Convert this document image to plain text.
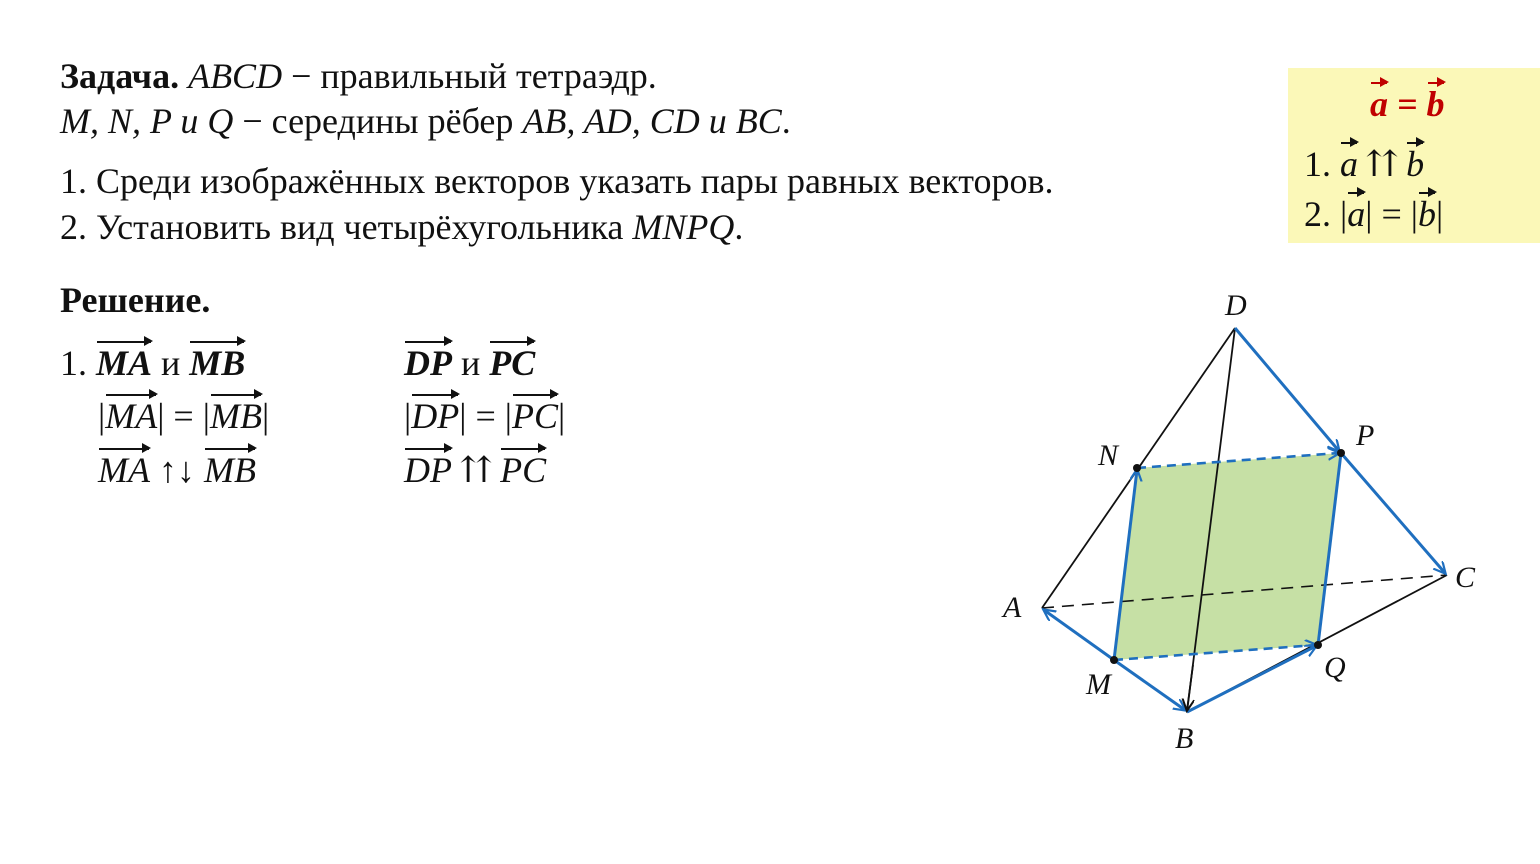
Задача. ABCD − правильный тетраэдр.
M, N, P и Q − середины рёбер AB, AD, CD и BC.
1. Среди изображённых векторов указать пары равных векторов.
2. Установить вид четырёхугольника MNPQ.
a = b
1. a ⇈ b
2. |a| = |b|
Решение.
1. MA и MB
|MA| = |MB|
MA ↑↓ MB
DP и PC
|DP| = |PC|
DP ⇈ PC
D
A
B
C
M
N
P
Q
